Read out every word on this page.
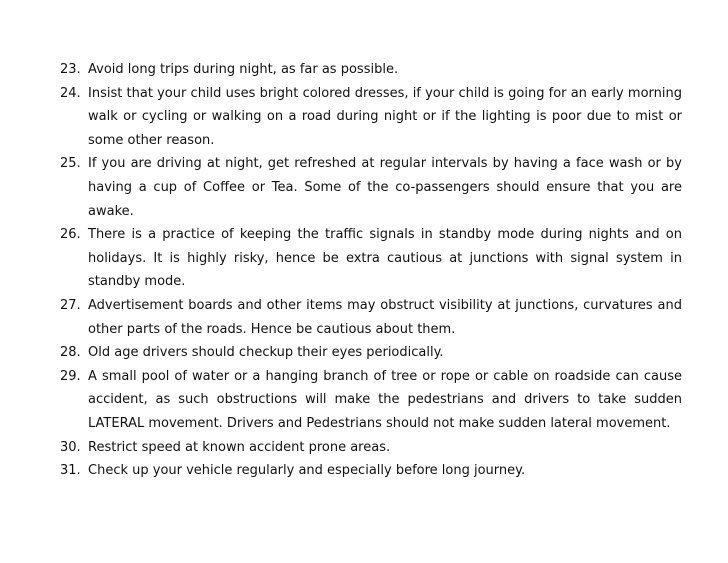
23. Avoid long trips during night, as far as possible.
24. Insist that your child uses bright colored dresses, if your child is going for an early morning walk or cycling or walking on a road during night or if the lighting is poor due to mist or some other reason.
25. If you are driving at night, get refreshed at regular intervals by having a face wash or by having a cup of Coffee or Tea. Some of the co-passengers should ensure that you are awake.
26. There is a practice of keeping the traffic signals in standby mode during nights and on holidays. It is highly risky, hence be extra cautious at junctions with signal system in standby mode.
27. Advertisement boards and other items may obstruct visibility at junctions, curvatures and other parts of the roads. Hence be cautious about them.
28. Old age drivers should checkup their eyes periodically.
29. A small pool of water or a hanging branch of tree or rope or cable on roadside can cause accident, as such obstructions will make the pedestrians and drivers to take sudden LATERAL movement. Drivers and Pedestrians should not make sudden lateral movement.
30. Restrict speed at known accident prone areas.
31. Check up your vehicle regularly and especially before long journey.
